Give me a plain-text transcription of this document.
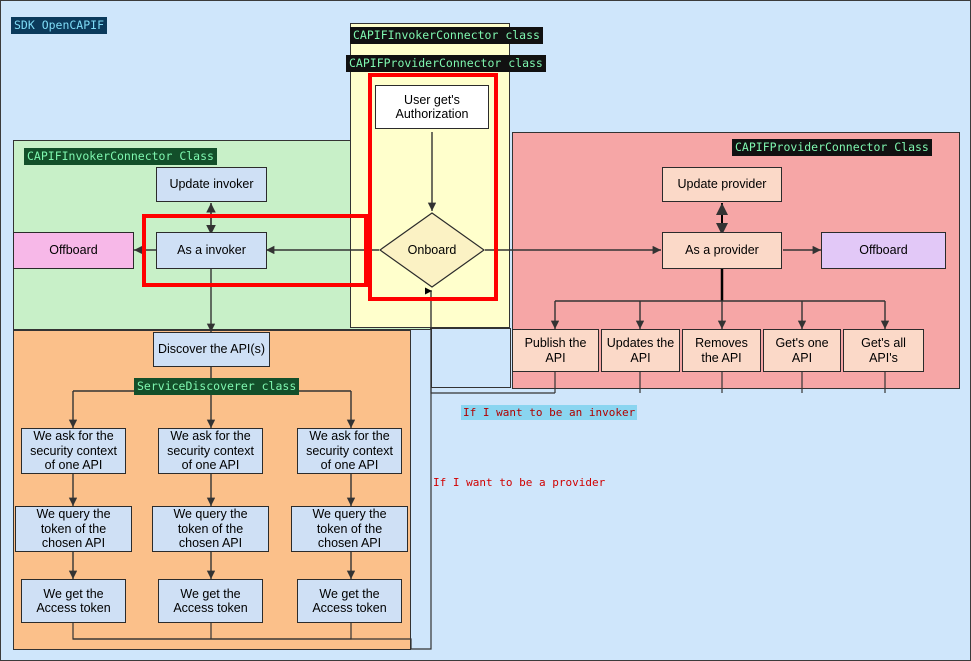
SDK OpenCAPIF
CAPIFInvokerConnector class
CAPIFProviderConnector class
CAPIFInvokerConnector Class
CAPIFProviderConnector Class
ServiceDiscoverer class
User get's Authorization
Onboard
Update invoker
Offboard	As a invoker
Discover the API(s)
Update provider
As a provider	Offboard
Publish the API
Updates the API
Removes the API
Get's one API
Get's all API's
We ask for the security context of one API
We query the token of the chosen API
We get the Access token
We ask for the security context of one API
We query the token of the chosen API
We get the Access token
We ask for the security context of one API
We query the token of the chosen API
We get the Access token
If I want to be an invoker
If I want to be a provider
